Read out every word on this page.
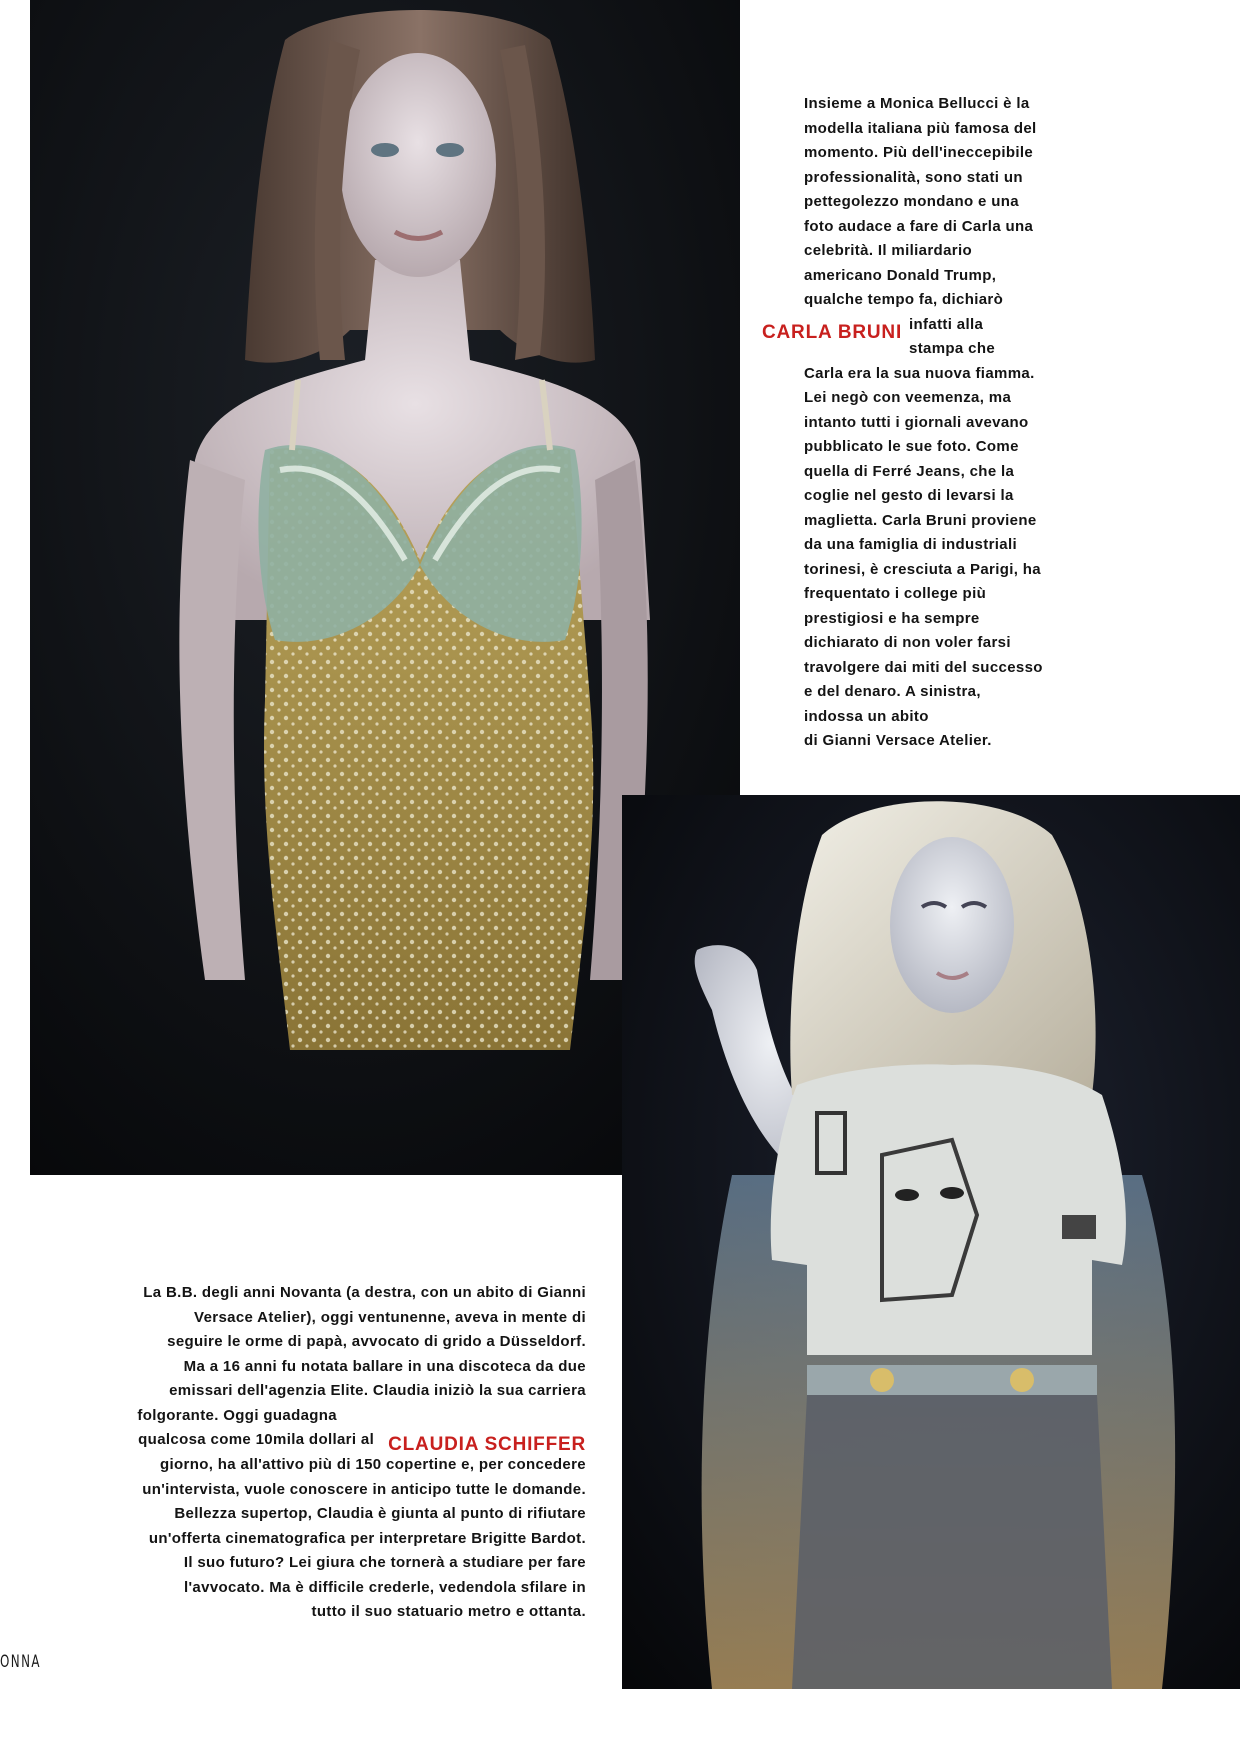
Insieme a Monica Bellucci è la
modella italiana più famosa del
momento. Più dell'ineccepibile
professionalità, sono stati un
pettegolezzo mondano e una
foto audace a fare di Carla una
celebrità. Il miliardario
americano Donald Trump,
qualche tempo fa, dichiarò
infatti alla
stampa che
Carla era la sua nuova fiamma.
Lei negò con veemenza, ma
intanto tutti i giornali avevano
pubblicato le sue foto. Come
quella di Ferré Jeans, che la
coglie nel gesto di levarsi la
maglietta. Carla Bruni proviene
da una famiglia di industriali
torinesi, è cresciuta a Parigi, ha
frequentato i college più
prestigiosi e ha sempre
dichiarato di non voler farsi
travolgere dai miti del successo
e del denaro. A sinistra,
indossa un abito
di Gianni Versace Atelier.
CARLA BRUNI
La B.B. degli anni Novanta (a destra, con un abito di Gianni
Versace Atelier), oggi ventunenne, aveva in mente di
seguire le orme di papà, avvocato di grido a Düsseldorf.
Ma a 16 anni fu notata ballare in una discoteca da due
emissari dell'agenzia Elite. Claudia iniziò la sua carriera
folgorante. Oggi guadagna
qualcosa come 10mila dollari al CLAUDIA SCHIFFER
giorno, ha all'attivo più di 150 copertine e, per concedere
un'intervista, vuole conoscere in anticipo tutte le domande.
Bellezza supertop, Claudia è giunta al punto di rifiutare
un'offerta cinematografica per interpretare Brigitte Bardot.
Il suo futuro? Lei giura che tornerà a studiare per fare
l'avvocato. Ma è difficile crederle, vedendola sfilare in
tutto il suo statuario metro e ottanta.
ONNA
